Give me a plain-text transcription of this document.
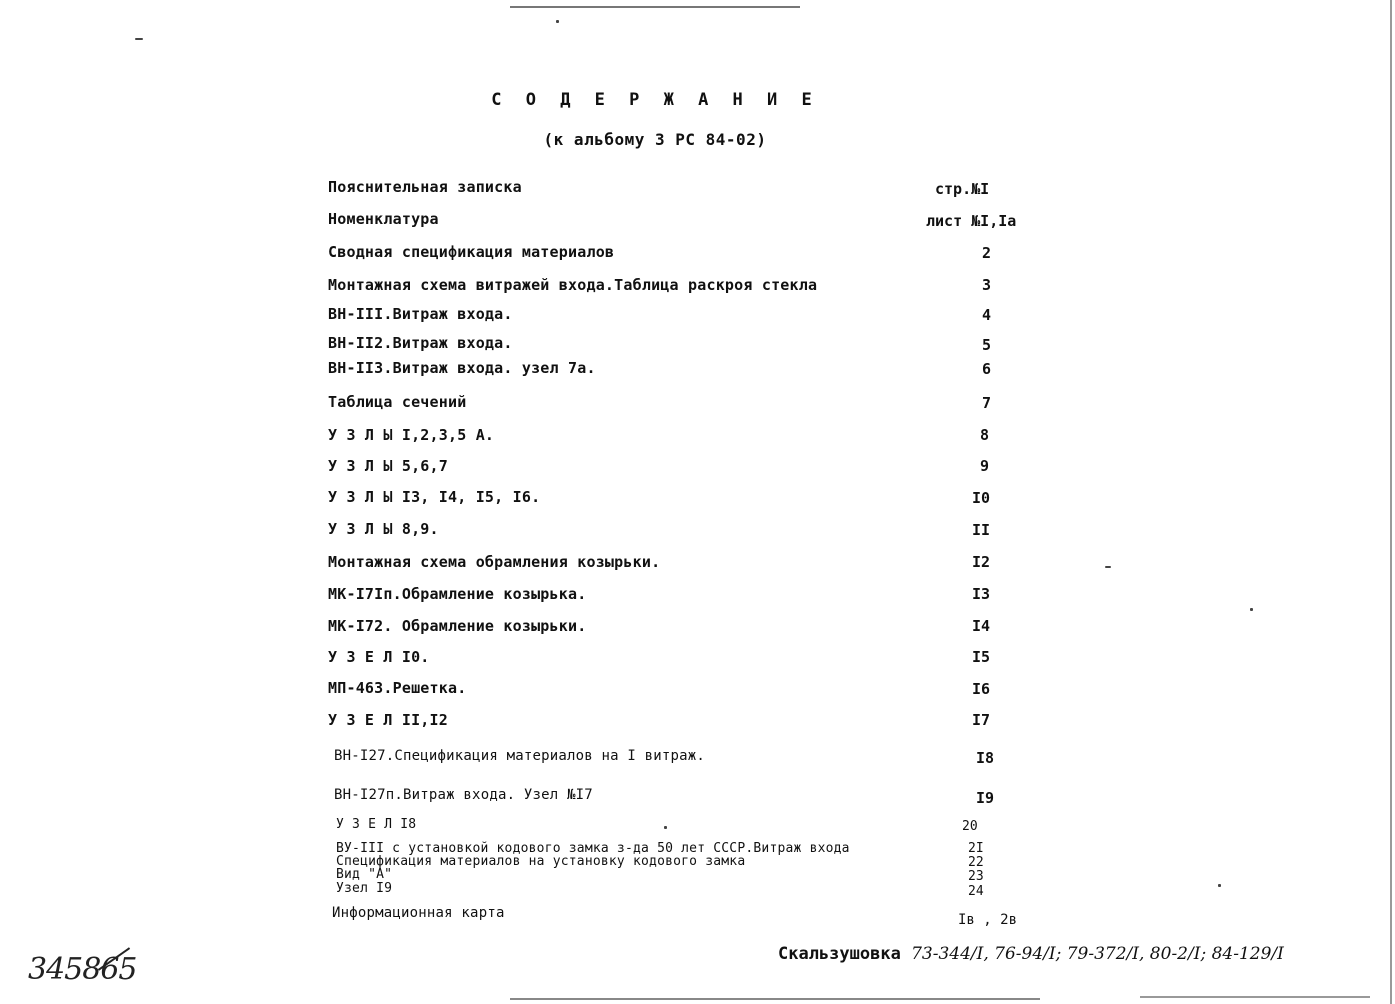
С О Д Е Р Ж А Н И Е
(к альбому 3 РС 84-02)
Пояснительная записка	стр.№I
Номенклатура	лист №I,Iа
Сводная спецификация материалов	2
Монтажная схема витражей входа.Таблица раскроя стекла	3
ВН-III.Витраж входа.	4
ВН-II2.Витраж входа.	5
ВН-II3.Витраж входа. узел 7а.	6
Таблица сечений	7
У З Л Ы I,2,3,5 А.	8
У З Л Ы 5,6,7	9
У З Л Ы I3, I4, I5, I6.	I0
У З Л Ы 8,9.	II
Монтажная схема обрамления козырьки.	I2
МК-I7Iп.Обрамление козырька.	I3
МК-I72. Обрамление козырьки.	I4
У З Е Л I0.	I5
МП-463.Решетка.	I6
У З Е Л II,I2	I7
ВН-I27.Спецификация материалов на I витраж.	I8
ВН-I27п.Витраж входа. Узел №I7	I9
У З Е Л I8	20
ВУ-III с установкой кодового замка з-да 50 лет СССР.Витраж входа	2I
Спецификация материалов на установку кодового замка	22
Вид "А"	23
Узел I9	24
Информационная карта	Iв , 2в
345865	Скальзушовка 73-344/I, 76-94/I; 79-372/I, 80-2/I; 84-129/I
